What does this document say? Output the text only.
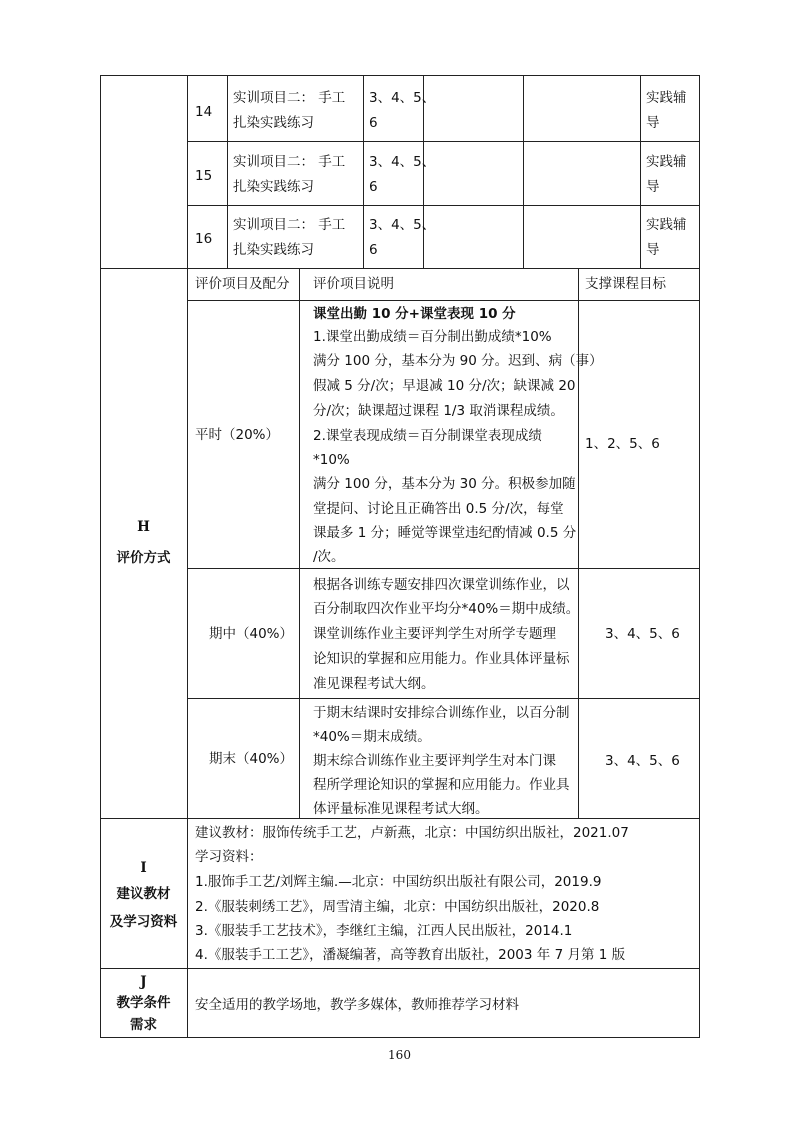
14
实训项目二： 手工
扎染实践练习
3、4、5、
6
实践辅
导
15
实训项目二： 手工
扎染实践练习
3、4、5、
6
实践辅
导
16
实训项目二： 手工
扎染实践练习
3、4、5、
6
实践辅
导
H
评价方式
评价项目及配分 评价项目说明	支撑课程目标
平时（20%）
课堂出勤 10 分+课堂表现 10 分
1.课堂出勤成绩＝百分制出勤成绩*10%
满分 100 分，基本分为 90 分。迟到、病（事）
假减 5 分/次；早退减 10 分/次；缺课减 20
分/次；缺课超过课程 1/3 取消课程成绩。
2.课堂表现成绩＝百分制课堂表现成绩
*10%
满分 100 分，基本分为 30 分。积极参加随
堂提问、讨论且正确答出 0.5 分/次，每堂
课最多 1 分；睡觉等课堂违纪酌情减 0.5 分
/次。
1、2、5、6
期中（40%）
根据各训练专题安排四次课堂训练作业，以
百分制取四次作业平均分*40%＝期中成绩。
课堂训练作业主要评判学生对所学专题理
论知识的掌握和应用能力。作业具体评量标
准见课程考试大纲。
3、4、5、6
期末（40%）
于期末结课时安排综合训练作业，以百分制
*40%＝期末成绩。
期末综合训练作业主要评判学生对本门课
程所学理论知识的掌握和应用能力。作业具
体评量标准见课程考试大纲。
3、4、5、6
I
建议教材
及学习资料
建议教材：服饰传统手工艺，卢新燕，北京：中国纺织出版社，2021.07
学习资料：
1.服饰手工艺/刘辉主编.—北京：中国纺织出版社有限公司，2019.9
2.《服装刺绣工艺》，周雪清主编，北京：中国纺织出版社，2020.8
3.《服装手工艺技术》，李继红主编，江西人民出版社，2014.1
4.《服装手工工艺》，潘凝编著，高等教育出版社，2003 年 7 月第 1 版
J
教学条件
需求
安全适用的教学场地，教学多媒体，教师推荐学习材料
160
